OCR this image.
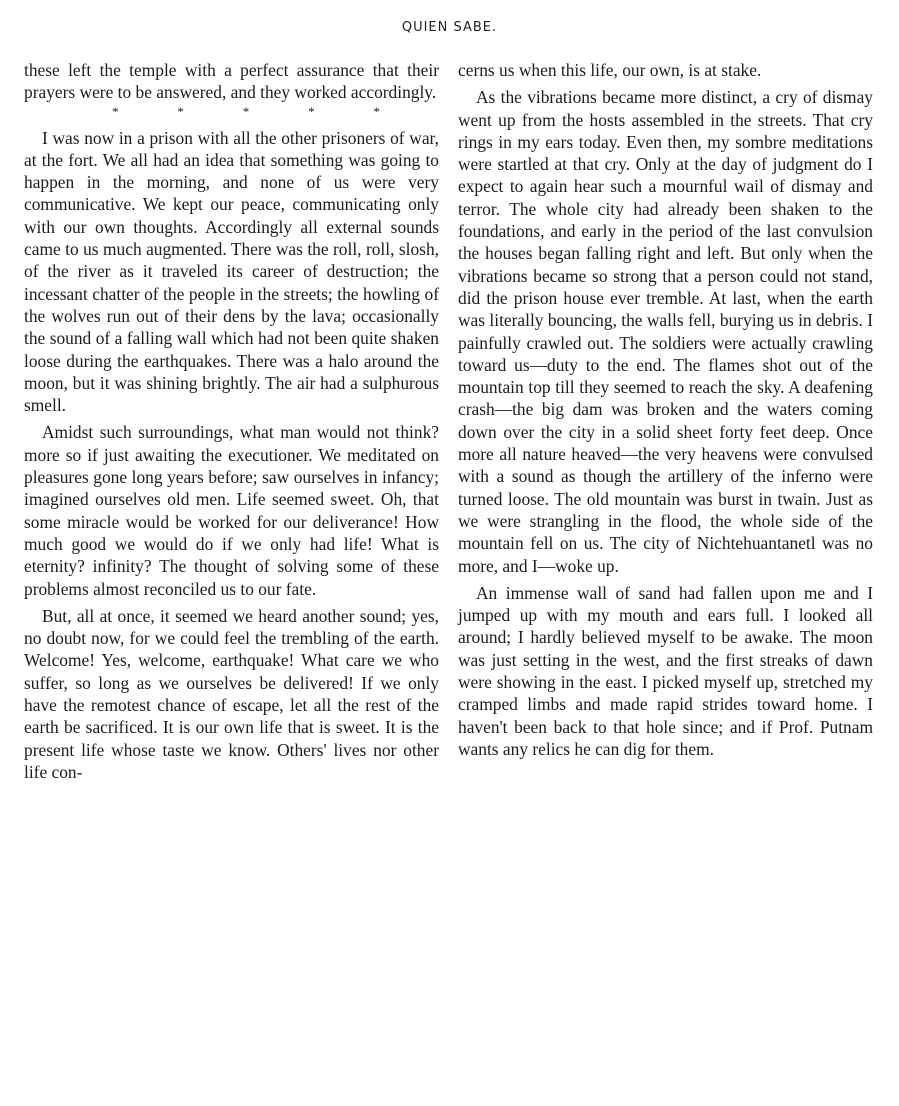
QUIEN SABE.

these left the temple with a perfect assurance that their prayers were to be answered, and they worked accordingly.

*	*	*	*	*

I was now in a prison with all the other prisoners of war, at the fort. We all had an idea that something was going to happen in the morning, and none of us were very communicative. We kept our peace, communicating only with our own thoughts. Accordingly all external sounds came to us much augmented. There was the roll, roll, slosh, of the river as it traveled its career of destruction; the incessant chatter of the people in the streets; the howling of the wolves run out of their dens by the lava; occasionally the sound of a falling wall which had not been quite shaken loose during the earthquakes. There was a halo around the moon, but it was shining brightly. The air had a sulphurous smell.

Amidst such surroundings, what man would not think? more so if just awaiting the executioner. We meditated on pleasures gone long years before; saw ourselves in infancy; imagined ourselves old men. Life seemed sweet. Oh, that some miracle would be worked for our deliverance! How much good we would do if we only had life! What is eternity? infinity? The thought of solving some of these problems almost reconciled us to our fate.

But, all at once, it seemed we heard another sound; yes, no doubt now, for we could feel the trembling of the earth. Welcome! Yes, welcome, earthquake! What care we who suffer, so long as we ourselves be delivered! If we only have the remotest chance of escape, let all the rest of the earth be sacrificed. It is our own life that is sweet. It is the present life whose taste we know. Others' lives nor other life con-

cerns us when this life, our own, is at stake.

As the vibrations became more distinct, a cry of dismay went up from the hosts assembled in the streets. That cry rings in my ears today. Even then, my sombre meditations were startled at that cry. Only at the day of judgment do I expect to again hear such a mournful wail of dismay and terror. The whole city had already been shaken to the foundations, and early in the period of the last convulsion the houses began falling right and left. But only when the vibrations became so strong that a person could not stand, did the prison house ever tremble. At last, when the earth was literally bouncing, the walls fell, burying us in debris. I painfully crawled out. The soldiers were actually crawling toward us—duty to the end. The flames shot out of the mountain top till they seemed to reach the sky. A deafening crash—the big dam was broken and the waters coming down over the city in a solid sheet forty feet deep. Once more all nature heaved—the very heavens were convulsed with a sound as though the artillery of the inferno were turned loose. The old mountain was burst in twain. Just as we were strangling in the flood, the whole side of the mountain fell on us. The city of Nichtehuantanetl was no more, and I—woke up.

An immense wall of sand had fallen upon me and I jumped up with my mouth and ears full. I looked all around; I hardly believed myself to be awake. The moon was just setting in the west, and the first streaks of dawn were showing in the east. I picked myself up, stretched my cramped limbs and made rapid strides toward home. I haven't been back to that hole since; and if Prof. Putnam wants any relics he can dig for them.
